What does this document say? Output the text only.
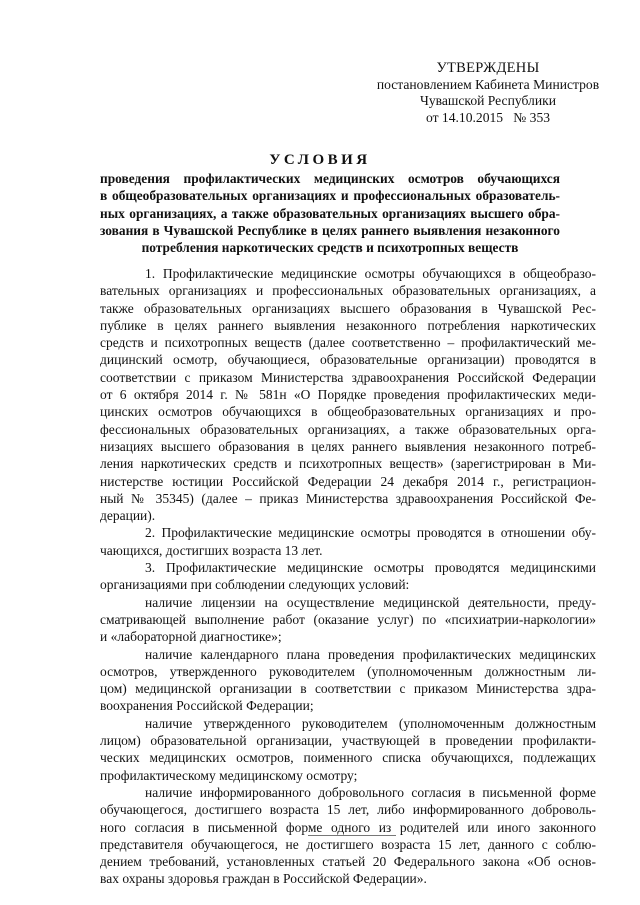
УТВЕРЖДЕНЫ
постановлением Кабинета Министров
Чувашской Республики
от 14.10.2015   № 353
УСЛОВИЯ
проведения профилактических медицинских осмотров обучающихся
в общеобразовательных организациях и профессиональных образователь-
ных организациях, а также образовательных организациях высшего обра-
зования в Чувашской Республике в целях раннего выявления незаконного
потребления наркотических средств и психотропных веществ
1. Профилактические медицинские осмотры обучающихся в общеобразо-
вательных организациях и профессиональных образовательных организациях, а
также образовательных организациях высшего образования в Чувашской Рес-
публике в целях раннего выявления незаконного потребления наркотических
средств и психотропных веществ (далее соответственно – профилактический ме-
дицинский осмотр, обучающиеся, образовательные организации) проводятся в
соответствии с приказом Министерства здравоохранения Российской Федерации
от 6 октября 2014 г. № 581н «О Порядке проведения профилактических меди-
цинских осмотров обучающихся в общеобразовательных организациях и про-
фессиональных образовательных организациях, а также образовательных орга-
низациях высшего образования в целях раннего выявления незаконного потреб-
ления наркотических средств и психотропных веществ» (зарегистрирован в Ми-
нистерстве юстиции Российской Федерации 24 декабря 2014 г., регистрацион-
ный № 35345) (далее – приказ Министерства здравоохранения Российской Фе-
дерации).
2. Профилактические медицинские осмотры проводятся в отношении обу-
чающихся, достигших возраста 13 лет.
3. Профилактические медицинские осмотры проводятся медицинскими
организациями при соблюдении следующих условий:
наличие лицензии на осуществление медицинской деятельности, преду-
сматривающей выполнение работ (оказание услуг) по «психиатрии-наркологии»
и «лабораторной диагностике»;
наличие календарного плана проведения профилактических медицинских
осмотров, утвержденного руководителем (уполномоченным должностным ли-
цом) медицинской организации в соответствии с приказом Министерства здра-
воохранения Российской Федерации;
наличие утвержденного руководителем (уполномоченным должностным
лицом) образовательной организации, участвующей в проведении профилакти-
ческих медицинских осмотров, поименного списка обучающихся, подлежащих
профилактическому медицинскому осмотру;
наличие информированного добровольного согласия в письменной форме
обучающегося, достигшего возраста 15 лет, либо информированного доброволь-
ного согласия в письменной форме одного из родителей или иного законного
представителя обучающегося, не достигшего возраста 15 лет, данного с соблю-
дением требований, установленных статьей 20 Федерального закона «Об основ-
вах охраны здоровья граждан в Российской Федерации».
